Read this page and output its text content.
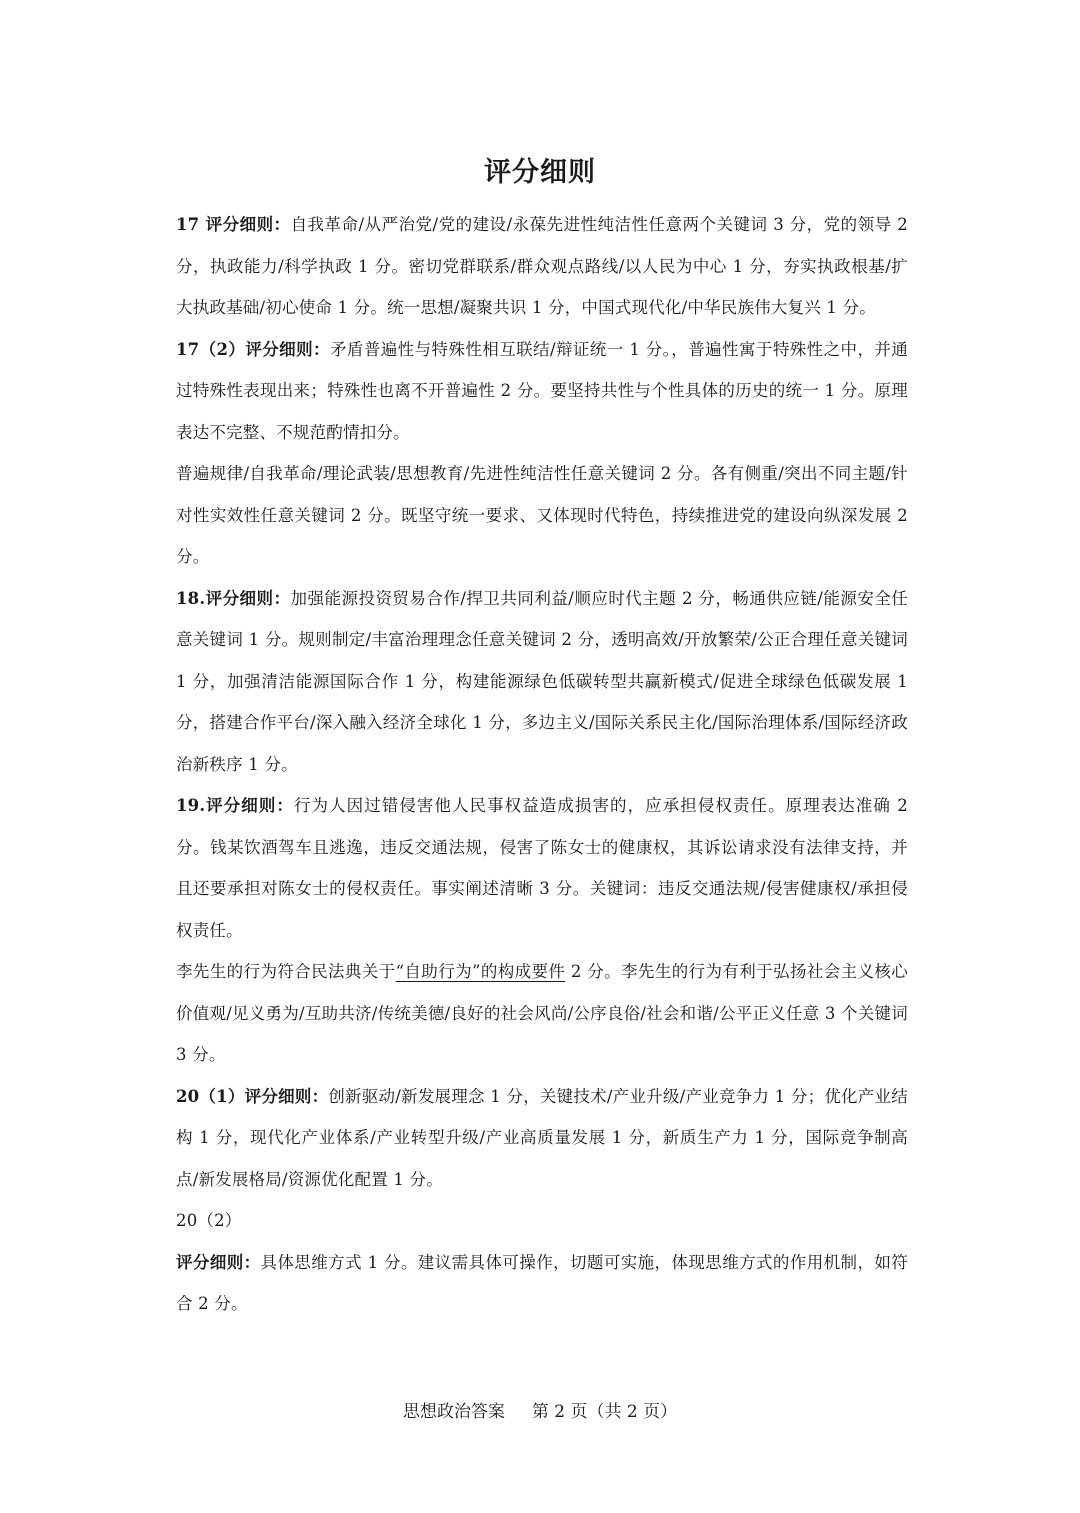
评分细则

17 评分细则：自我革命/从严治党/党的建设/永葆先进性纯洁性任意两个关键词 3 分，党的领导 2 分，执政能力/科学执政 1 分。密切党群联系/群众观点路线/以人民为中心 1 分，夯实执政根基/扩大执政基础/初心使命 1 分。统一思想/凝聚共识 1 分，中国式现代化/中华民族伟大复兴 1 分。

17（2）评分细则：矛盾普遍性与特殊性相互联结/辩证统一 1 分。，普遍性寓于特殊性之中，并通过特殊性表现出来；特殊性也离不开普遍性 2 分。要坚持共性与个性具体的历史的统一 1 分。原理表达不完整、不规范酌情扣分。

普遍规律/自我革命/理论武装/思想教育/先进性纯洁性任意关键词 2 分。各有侧重/突出不同主题/针对性实效性任意关键词 2 分。既坚守统一要求、又体现时代特色，持续推进党的建设向纵深发展 2 分。

18.评分细则：加强能源投资贸易合作/捍卫共同利益/顺应时代主题 2 分，畅通供应链/能源安全任意关键词 1 分。规则制定/丰富治理理念任意关键词 2 分，透明高效/开放繁荣/公正合理任意关键词 1 分，加强清洁能源国际合作 1 分，构建能源绿色低碳转型共赢新模式/促进全球绿色低碳发展 1 分，搭建合作平台/深入融入经济全球化 1 分，多边主义/国际关系民主化/国际治理体系/国际经济政治新秩序 1 分。

19.评分细则：行为人因过错侵害他人民事权益造成损害的，应承担侵权责任。原理表达准确 2 分。钱某饮酒驾车且逃逸，违反交通法规，侵害了陈女士的健康权，其诉讼请求没有法律支持，并且还要承担对陈女士的侵权责任。事实阐述清晰 3 分。关键词：违反交通法规/侵害健康权/承担侵权责任。

李先生的行为符合民法典关于“自助行为”的构成要件 2 分。李先生的行为有利于弘扬社会主义核心价值观/见义勇为/互助共济/传统美德/良好的社会风尚/公序良俗/社会和谐/公平正义任意 3 个关键词 3 分。

20（1）评分细则：创新驱动/新发展理念 1 分，关键技术/产业升级/产业竞争力 1 分；优化产业结构 1 分，现代化产业体系/产业转型升级/产业高质量发展 1 分，新质生产力 1 分，国际竞争制高点/新发展格局/资源优化配置 1 分。

20（2）

评分细则：具体思维方式 1 分。建议需具体可操作，切题可实施，体现思维方式的作用机制，如符合 2 分。

思想政治答案 第 2 页（共 2 页）
